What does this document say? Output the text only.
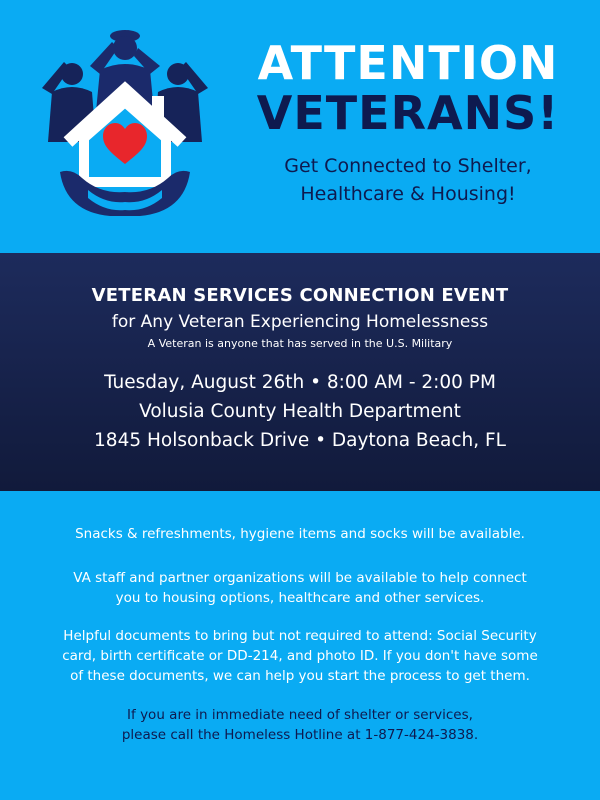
ATTENTION
VETERANS!
Get Connected to Shelter,
Healthcare & Housing!
VETERAN SERVICES CONNECTION EVENT
for Any Veteran Experiencing Homelessness
A Veteran is anyone that has served in the U.S. Military
Tuesday, August 26th • 8:00 AM - 2:00 PM
Volusia County Health Department
1845 Holsonback Drive • Daytona Beach, FL
Snacks & refreshments, hygiene items and socks will be available.
VA staff and partner organizations will be available to help connect
you to housing options, healthcare and other services.
Helpful documents to bring but not required to attend: Social Security
card, birth certificate or DD-214, and photo ID. If you don't have some
of these documents, we can help you start the process to get them.
If you are in immediate need of shelter or services,
please call the Homeless Hotline at 1-877-424-3838.
